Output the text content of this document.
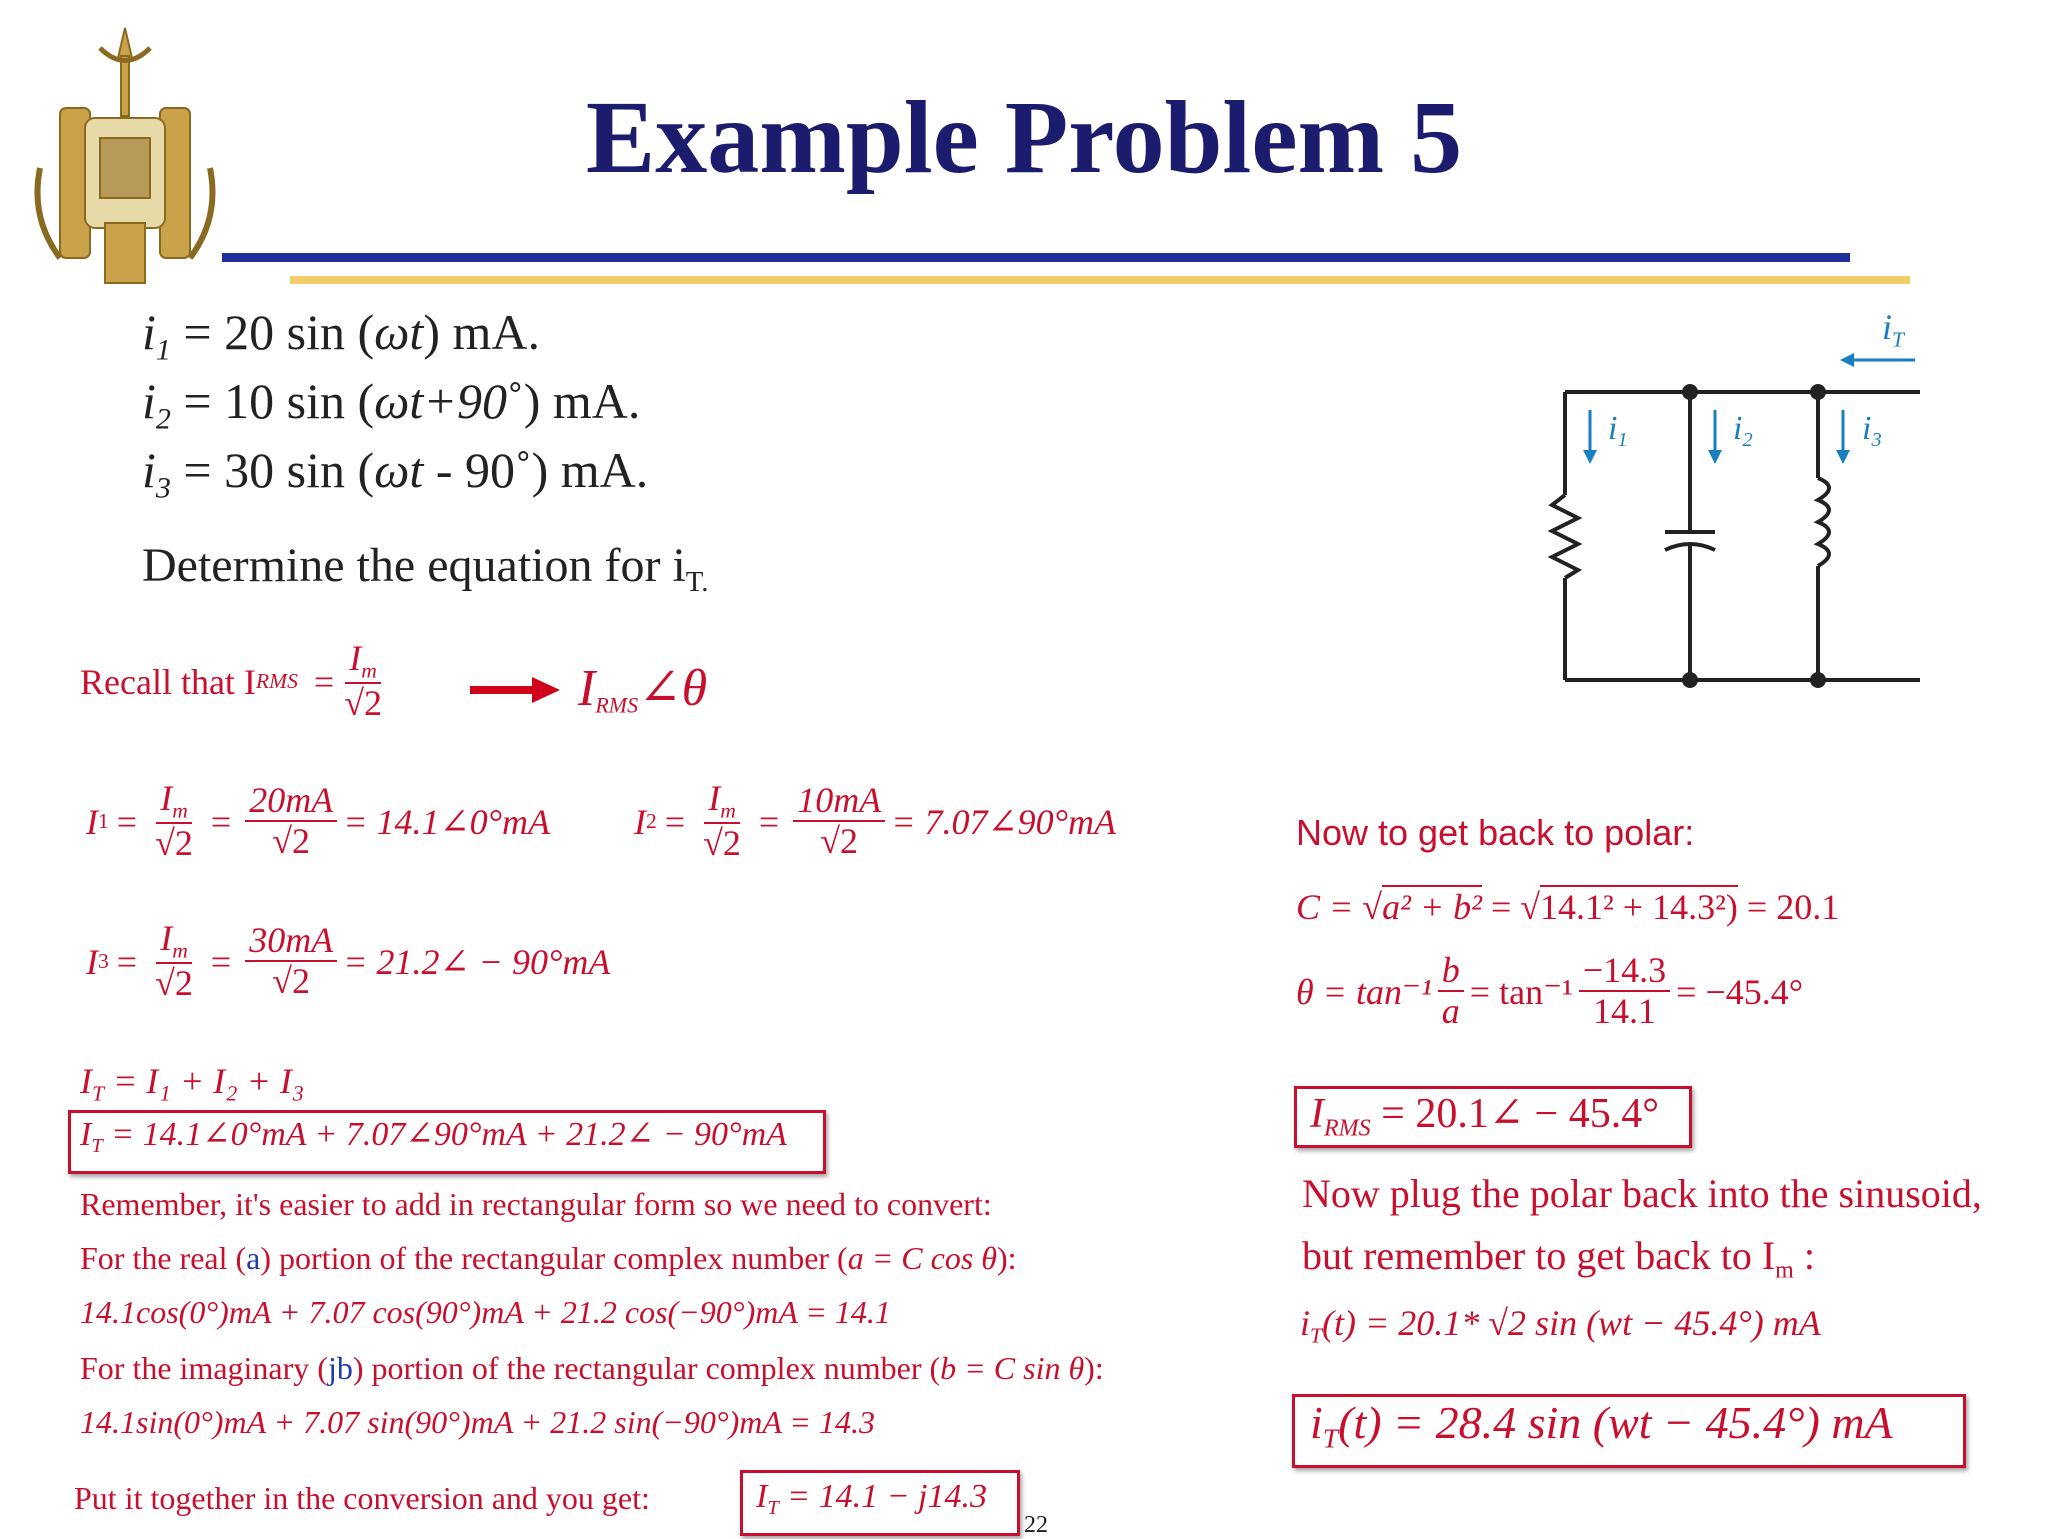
Example Problem 5
$i_1 = 20$ sin (ωt) mA.
$i_2 = 10$ sin (ωt+90˚) mA.
$i_3 = 30$ sin (ωt - 90˚) mA.
Determine the equation for $i_{T.}$
Recall that I RMS = $\frac{I_m}{√2}$	$I_{RMS}\angle\theta$
I $1 = \frac{I_m}{√2} = \frac{20mA}{√2}$ = 14.1∠0°mA I $2 = \frac{I_m}{√2} = \frac{10mA}{√2}$ = 7.07∠90°mA
I $3 = \frac{I_m}{√2} = \frac{30mA}{√2}$ = 21.2∠ − 90°mA
$I_T = I_1 + I_2 + I_3$
$I_T$ = 14.1∠0°mA + 7.07∠90°mA + 21.2∠ − 90°mA
Remember, it's easier to add in rectangular form so we need to convert:
For the real (a) portion of the rectangular complex number (a = C cos θ):
14.1cos(0°)mA + 7.07 cos(90°)mA + 21.2 cos(−90°)mA = 14.1
For the imaginary (jb) portion of the rectangular complex number (b = C sin θ):
14.1sin(0°)mA + 7.07 sin(90°)mA + 21.2 sin(−90°)mA = 14.3
Put it together in the conversion and you get:	$I_T = 14.1 - j14.3$
22
Now to get back to polar:
C = √a² + b² = √14.1² + 14.3²) = 20.1
$\theta = \tan^{-1} \frac{b}{a} = \tan^{-1} \frac{-14.3}{14.1} = -45.4^\circ$
$I_{RMS}$ = 20.1∠ − 45.4°
Now plug the polar back into the sinusoid,
but remember to get back to $I_m$ :
$i_T(t) = 20.1*$ √2 sin (wt − 45.4°) mA
$i_T(t) = 28.4$ sin (wt − 45.4°) mA
$i_T$
$i_1$	$i_2$	$i_3$
